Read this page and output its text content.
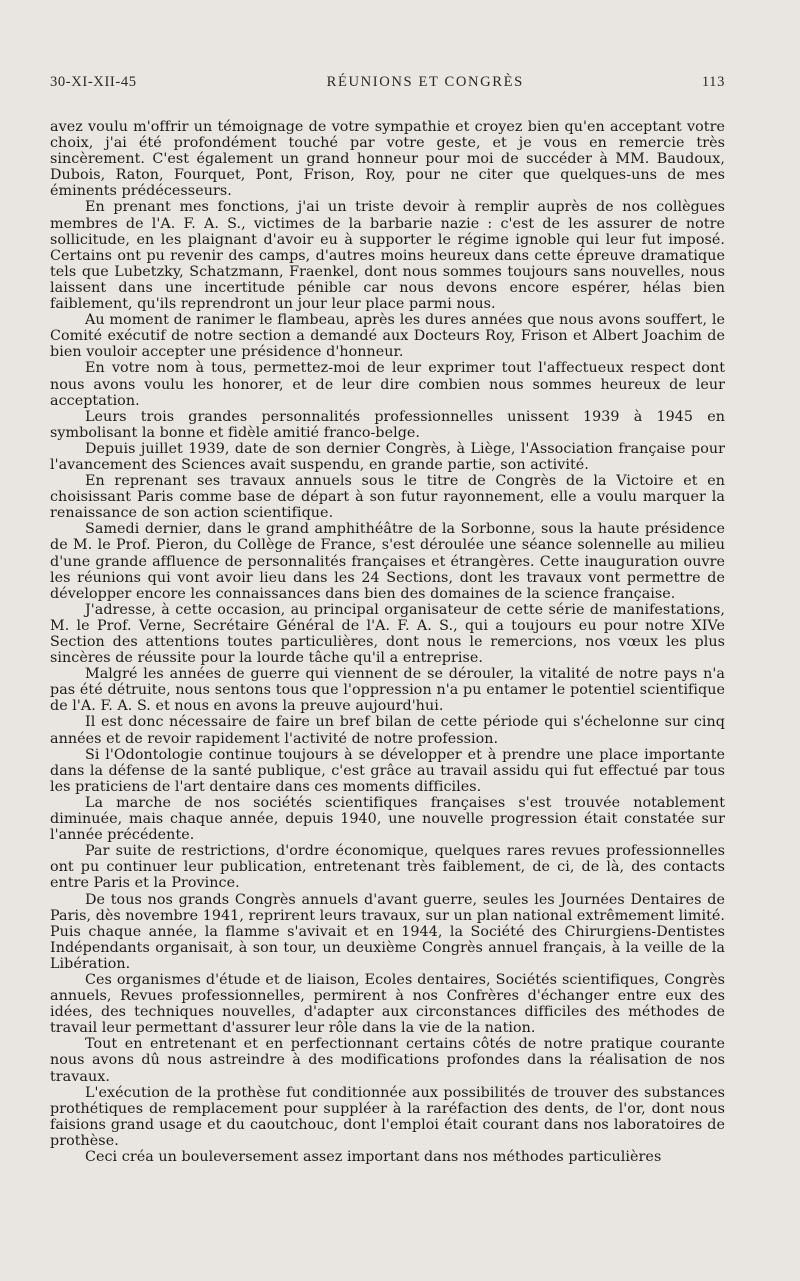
30-XI-XII-45	RÉUNIONS ET CONGRÈS	113

avez voulu m'offrir un témoignage de votre sympathie et croyez bien qu'en acceptant votre choix, j'ai été profondément touché par votre geste, et je vous en remercie très sincèrement. C'est également un grand honneur pour moi de succéder à MM. Baudoux, Dubois, Raton, Fourquet, Pont, Frison, Roy, pour ne citer que quelques-uns de mes éminents prédécesseurs.

En prenant mes fonctions, j'ai un triste devoir à remplir auprès de nos collègues membres de l'A. F. A. S., victimes de la barbarie nazie : c'est de les assurer de notre sollicitude, en les plaignant d'avoir eu à supporter le régime ignoble qui leur fut imposé. Certains ont pu revenir des camps, d'autres moins heureux dans cette épreuve dramatique tels que Lubetzky, Schatzmann, Fraenkel, dont nous sommes toujours sans nouvelles, nous laissent dans une incertitude pénible car nous devons encore espérer, hélas bien faiblement, qu'ils reprendront un jour leur place parmi nous.

Au moment de ranimer le flambeau, après les dures années que nous avons souffert, le Comité exécutif de notre section a demandé aux Docteurs Roy, Frison et Albert Joachim de bien vouloir accepter une présidence d'honneur.

En votre nom à tous, permettez-moi de leur exprimer tout l'affectueux respect dont nous avons voulu les honorer, et de leur dire combien nous sommes heureux de leur acceptation.

Leurs trois grandes personnalités professionnelles unissent 1939 à 1945 en symbolisant la bonne et fidèle amitié franco-belge.

Depuis juillet 1939, date de son dernier Congrès, à Liège, l'Association française pour l'avancement des Sciences avait suspendu, en grande partie, son activité.

En reprenant ses travaux annuels sous le titre de Congrès de la Victoire et en choisissant Paris comme base de départ à son futur rayonnement, elle a voulu marquer la renaissance de son action scientifique.

Samedi dernier, dans le grand amphithéâtre de la Sorbonne, sous la haute présidence de M. le Prof. Pieron, du Collège de France, s'est déroulée une séance solennelle au milieu d'une grande affluence de personnalités françaises et étrangères. Cette inauguration ouvre les réunions qui vont avoir lieu dans les 24 Sections, dont les travaux vont permettre de développer encore les connaissances dans bien des domaines de la science française.

J'adresse, à cette occasion, au principal organisateur de cette série de manifestations, M. le Prof. Verne, Secrétaire Général de l'A. F. A. S., qui a toujours eu pour notre XIVe Section des attentions toutes particulières, dont nous le remercions, nos vœux les plus sincères de réussite pour la lourde tâche qu'il a entreprise.

Malgré les années de guerre qui viennent de se dérouler, la vitalité de notre pays n'a pas été détruite, nous sentons tous que l'oppression n'a pu entamer le potentiel scientifique de l'A. F. A. S. et nous en avons la preuve aujourd'hui.

Il est donc nécessaire de faire un bref bilan de cette période qui s'échelonne sur cinq années et de revoir rapidement l'activité de notre profession.

Si l'Odontologie continue toujours à se développer et à prendre une place importante dans la défense de la santé publique, c'est grâce au travail assidu qui fut effectué par tous les praticiens de l'art dentaire dans ces moments difficiles.

La marche de nos sociétés scientifiques françaises s'est trouvée notablement diminuée, mais chaque année, depuis 1940, une nouvelle progression était constatée sur l'année précédente.

Par suite de restrictions, d'ordre économique, quelques rares revues professionnelles ont pu continuer leur publication, entretenant très faiblement, de ci, de là, des contacts entre Paris et la Province.

De tous nos grands Congrès annuels d'avant guerre, seules les Journées Dentaires de Paris, dès novembre 1941, reprirent leurs travaux, sur un plan national extrêmement limité. Puis chaque année, la flamme s'avivait et en 1944, la Société des Chirurgiens-Dentistes Indépendants organisait, à son tour, un deuxième Congrès annuel français, à la veille de la Libération.

Ces organismes d'étude et de liaison, Ecoles dentaires, Sociétés scientifiques, Congrès annuels, Revues professionnelles, permirent à nos Confrères d'échanger entre eux des idées, des techniques nouvelles, d'adapter aux circonstances difficiles des méthodes de travail leur permettant d'assurer leur rôle dans la vie de la nation.

Tout en entretenant et en perfectionnant certains côtés de notre pratique courante nous avons dû nous astreindre à des modifications profondes dans la réalisation de nos travaux.

L'exécution de la prothèse fut conditionnée aux possibilités de trouver des substances prothétiques de remplacement pour suppléer à la raréfaction des dents, de l'or, dont nous faisions grand usage et du caoutchouc, dont l'emploi était courant dans nos laboratoires de prothèse.

Ceci créa un bouleversement assez important dans nos méthodes particulières
